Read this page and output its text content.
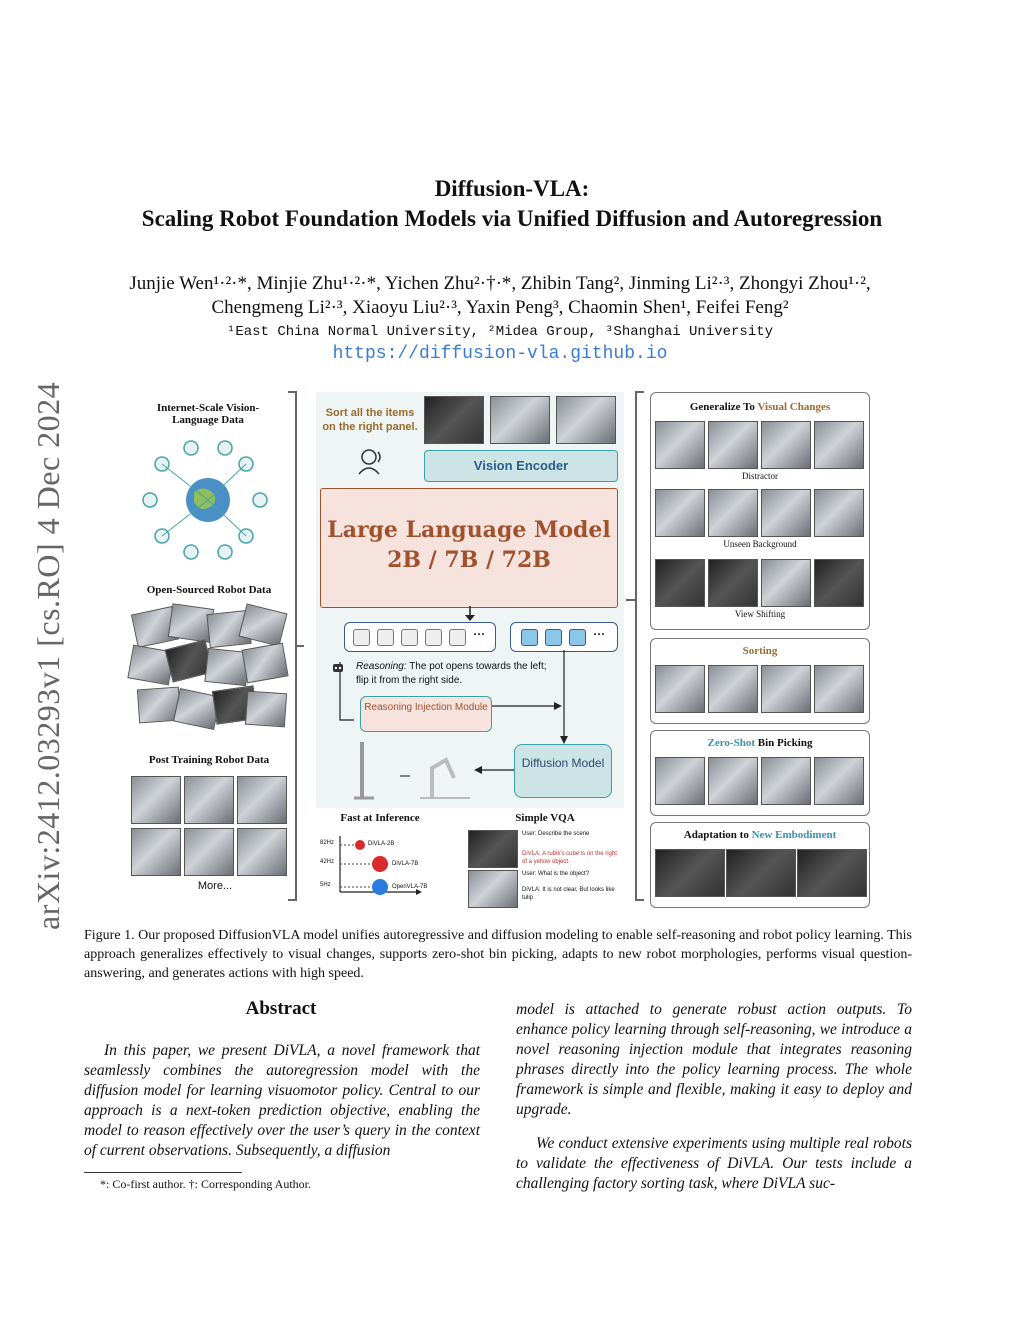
arXiv:2412.03293v1 [cs.RO] 4 Dec 2024
Diffusion-VLA:
Scaling Robot Foundation Models via Unified Diffusion and Autoregression
Junjie Wen¹·²·*, Minjie Zhu¹·²·*, Yichen Zhu²·†·*, Zhibin Tang², Jinming Li²·³, Zhongyi Zhou¹·²,
Chengmeng Li²·³, Xiaoyu Liu²·³, Yaxin Peng³, Chaomin Shen¹, Feifei Feng²
¹East China Normal University, ²Midea Group, ³Shanghai University
https://diffusion-vla.github.io
Internet-Scale Vision-Language Data
Open-Sourced Robot Data
Post Training Robot Data
More...
Sort all the items on the right panel.
Vision Encoder
Large Language Model
2B / 7B / 72B
···	···
Reasoning: The pot opens towards the left; flip it from the right side.
Reasoning Injection Module
Diffusion Model
Fast at Inference
82Hz
42Hz
5Hz
DiVLA-2B
DiVLA-7B
OpenVLA-7B
Simple VQA
User: Describe the scene
DiVLA: A rubik's cube is on the right of a yellow object.
User: What is the object?
DiVLA: It is not clear, But looks like tulip
Generalize To Visual Changes
Distractor
Unseen Background
View Shifting
Sorting
Zero-Shot Bin Picking
Adaptation to New Embodiment
Figure 1. Our proposed DiffusionVLA model unifies autoregressive and diffusion modeling to enable self-reasoning and robot policy learning. This approach generalizes effectively to visual changes, supports zero-shot bin picking, adapts to new robot morphologies, performs visual question-answering, and generates actions with high speed.
Abstract
In this paper, we present DiVLA, a novel framework that seamlessly combines the autoregression model with the diffusion model for learning visuomotor policy. Central to our approach is a next-token prediction objective, enabling the model to reason effectively over the user’s query in the context of current observations. Subsequently, a diffusion
model is attached to generate robust action outputs. To enhance policy learning through self-reasoning, we introduce a novel reasoning injection module that integrates reasoning phrases directly into the policy learning process. The whole framework is simple and flexible, making it easy to deploy and upgrade.
We conduct extensive experiments using multiple real robots to validate the effectiveness of DiVLA. Our tests include a challenging factory sorting task, where DiVLA suc-
*: Co-first author. †: Corresponding Author.
